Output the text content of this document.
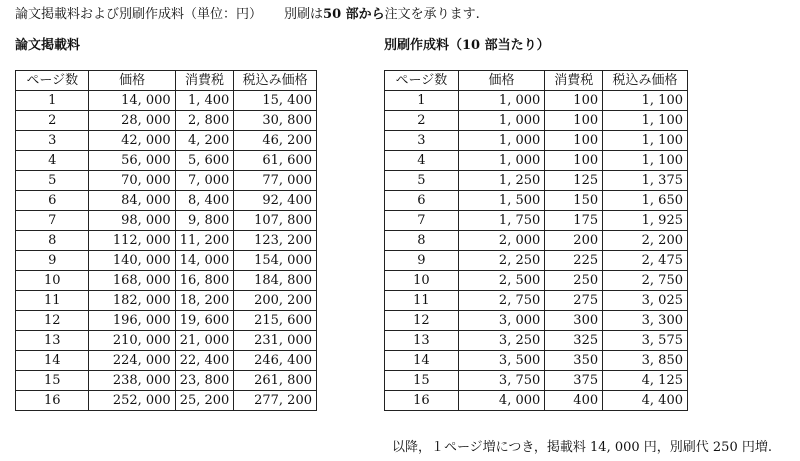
論文掲載料および別刷作成料（単位：円） 別刷は50 部から注文を承ります.
論文掲載料	別刷作成料（10 部当たり）
ページ数	価格	消費税	税込み価格
1	14, 000	1, 400	15, 400
2	28, 000	2, 800	30, 800
3	42, 000	4, 200	46, 200
4	56, 000	5, 600	61, 600
5	70, 000	7, 000	77, 000
6	84, 000	8, 400	92, 400
7	98, 000	9, 800	107, 800
8	112, 000	11, 200	123, 200
9	140, 000	14, 000	154, 000
10	168, 000	16, 800	184, 800
11	182, 000	18, 200	200, 200
12	196, 000	19, 600	215, 600
13	210, 000	21, 000	231, 000
14	224, 000	22, 400	246, 400
15	238, 000	23, 800	261, 800
16	252, 000	25, 200	277, 200
ページ数	価格	消費税	税込み価格
1	1, 000	100	1, 100
2	1, 000	100	1, 100
3	1, 000	100	1, 100
4	1, 000	100	1, 100
5	1, 250	125	1, 375
6	1, 500	150	1, 650
7	1, 750	175	1, 925
8	2, 000	200	2, 200
9	2, 250	225	2, 475
10	2, 500	250	2, 750
11	2, 750	275	3, 025
12	3, 000	300	3, 300
13	3, 250	325	3, 575
14	3, 500	350	3, 850
15	3, 750	375	4, 125
16	4, 000	400	4, 400
以降，１ページ増につき，掲載料 14, 000 円，別刷代 250 円増.
